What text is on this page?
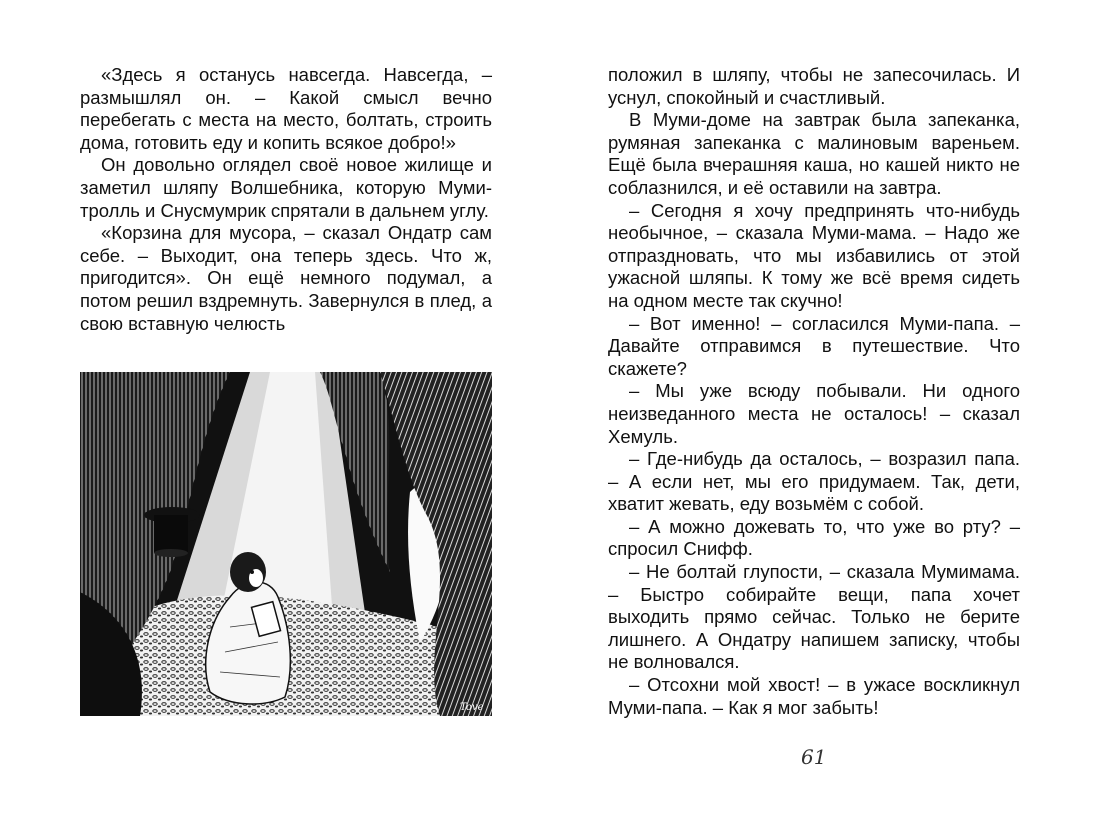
«Здесь я останусь навсегда. Навсегда, – размышлял он. – Какой смысл вечно перебегать с места на место, болтать, строить дома, готовить еду и копить всякое добро!»

Он довольно оглядел своё новое жилище и заметил шляпу Волшебника, которую Муми-тролль и Снусмумрик спрятали в дальнем углу.

«Корзина для мусора, – сказал Ондатр сам себе. – Выходит, она теперь здесь. Что ж, пригодится». Он ещё немного подумал, а потом решил вздремнуть. Завернулся в плед, а свою вставную челюсть

Tove

положил в шляпу, чтобы не запесочилась. И уснул, спокойный и счастливый.

В Муми-доме на завтрак была запеканка, румяная запеканка с малиновым вареньем. Ещё была вчерашняя каша, но кашей никто не соблазнился, и её оставили на завтра.

– Сегодня я хочу предпринять что-нибудь необычное, – сказала Муми-мама. – Надо же отпраздновать, что мы избавились от этой ужасной шляпы. К тому же всё время сидеть на одном месте так скучно!

– Вот именно! – согласился Муми-папа. – Давайте отправимся в путешествие. Что скажете?

– Мы уже всюду побывали. Ни одного неизведанного места не осталось! – сказал Хемуль.

– Где-нибудь да осталось, – возразил папа. – А если нет, мы его придумаем. Так, дети, хватит жевать, еду возьмём с собой.

– А можно дожевать то, что уже во рту? – спросил Снифф.

– Не болтай глупости, – сказала Мумимама. – Быстро собирайте вещи, папа хочет выходить прямо сейчас. Только не берите лишнего. А Ондатру напишем записку, чтобы не волновался.

– Отсохни мой хвост! – в ужасе воскликнул Муми-папа. – Как я мог забыть!

61
